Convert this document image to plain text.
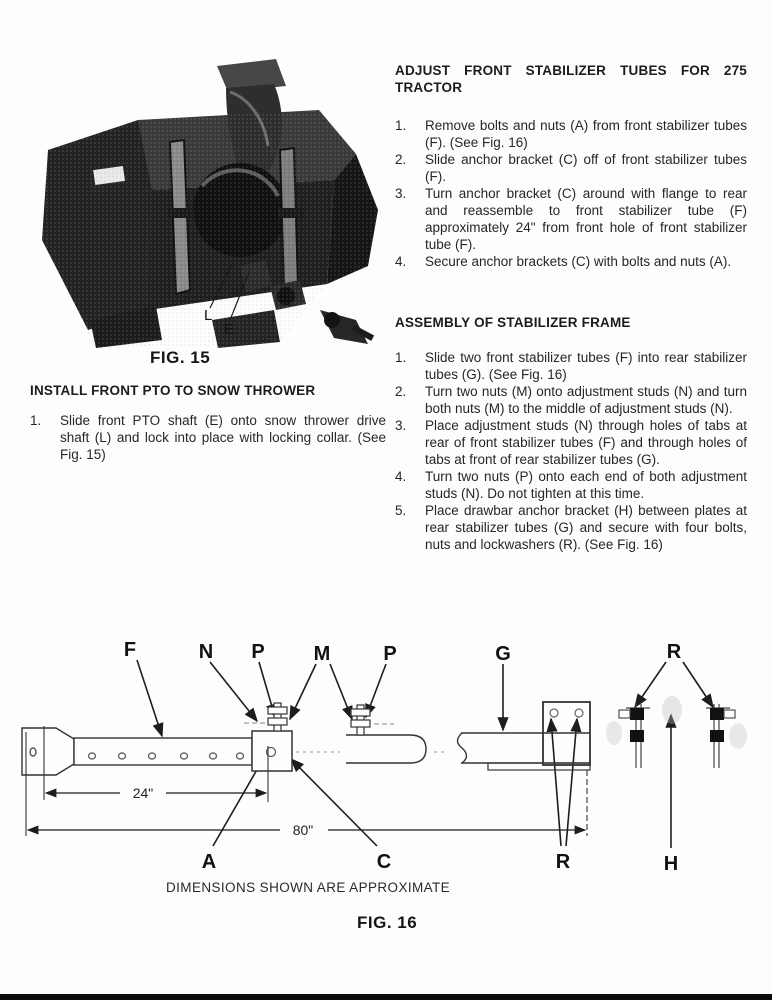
L
E
FIG. 15
INSTALL FRONT PTO TO SNOW THROWER
1.	Slide front PTO shaft (E) onto snow thrower drive shaft (L) and lock into place with locking collar. (See Fig. 15)
ADJUST FRONT STABILIZER TUBES FOR 275 TRACTOR
1.	Remove bolts and nuts (A) from front stabilizer tubes (F). (See Fig. 16)
2.	Slide anchor bracket (C) off of front stabilizer tubes (F).
3.	Turn anchor bracket (C) around with flange to rear and reassemble to front stabilizer tube (F) approximately 24" from front hole of front stabilizer tube (F).
4.	Secure anchor brackets (C) with bolts and nuts (A).
ASSEMBLY OF STABILIZER FRAME
1.	Slide two front stabilizer tubes (F) into rear stabilizer tubes (G). (See Fig. 16)
2.	Turn two nuts (M) onto adjustment studs (N) and turn both nuts (M) to the middle of adjustment studs (N).
3.	Place adjustment studs (N) through holes of tabs at rear of front stabilizer tubes (F) and through holes of tabs at front of rear stabilizer tubes (G).
4.	Turn two nuts (P) onto each end of both adjustment studs (N). Do not tighten at this time.
5.	Place drawbar anchor bracket (H) between plates at rear stabilizer tubes (G) and secure with four bolts, nuts and lockwashers (R). (See Fig. 16)
24"
80"
F	N P M	P	G	R
A	C	R	H
DIMENSIONS SHOWN ARE APPROXIMATE
FIG. 16
